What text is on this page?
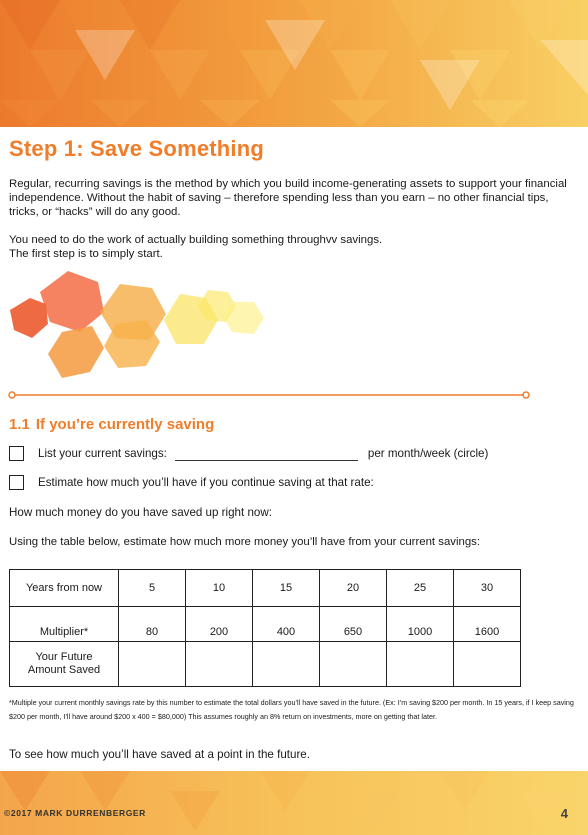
Step 1: Save Something

Regular, recurring savings is the method by which you build income-generating assets to support your financial independence. Without the habit of saving – therefore spending less than you earn – no other financial tips, tricks, or “hacks” will do any good.

You need to do the work of actually building something throughvv savings.
The first step is to simply start.
1.1 If you’re currently saving
List your current savings:	per month/week (circle)
Estimate how much you’ll have if you continue saving at that rate:
How much money do you have saved up right now:

Using the table below, estimate how much more money you’ll have from your current savings:

Years from now	5	10	15	20	25	30
Multiplier*	80	200	400	650	1000	1600

Your Future
Amount Saved						

*Multiple your current monthly savings rate by this number to estimate the total dollars you’ll have saved in the future. (Ex: I’m saving $200 per month. In 15 years, if I keep saving $200 per month, I’ll have around $200 x 400 = $80,000) This assumes roughly an 8% return on investments, more on getting that later.

To see how much you’ll have saved at a point in the future.
©2017 MARK DURRENBERGER	4
